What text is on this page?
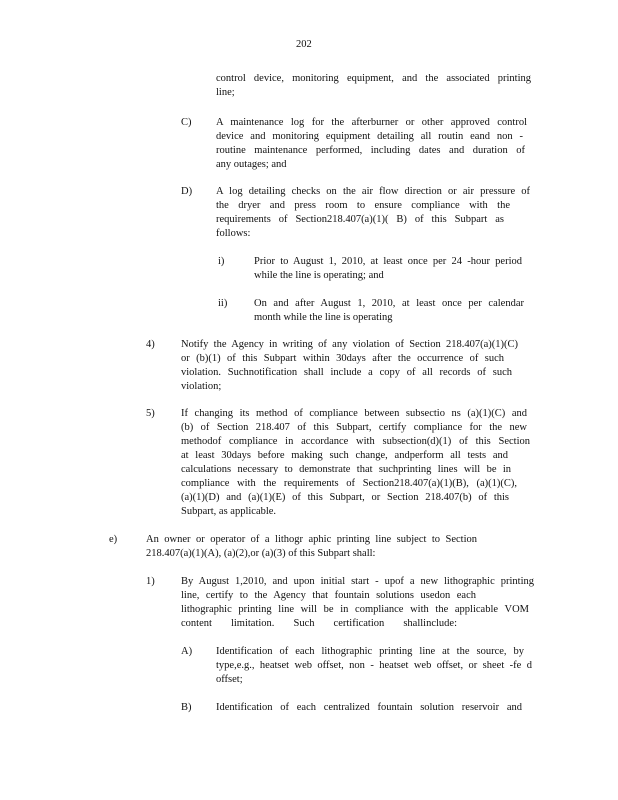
202
control device, monitoring equipment, and the associated printing
line;
C) A maintenance log for the afterburner or other approved control
device and monitoring equipment detailing all routin eand non -
routine maintenance performed, including dates and duration of
any outages; and
D) A log detailing checks on the air flow direction or air pressure of
the dryer and press room to ensure compliance with the
requirements of Section218.407(a)(1)( B) of this Subpart as
follows:
i)	Prior to August 1, 2010, at least once per 24 -hour period
while the line is operating; and
ii)	On and after August 1, 2010, at least once per calendar
month while the line is operating
4)	Notify the Agency in writing of any violation of Section 218.407(a)(1)(C)
or (b)(1) of this Subpart within 30days after the occurrence of such
violation. Suchnotification shall include a copy of all records of such
violation;
5)	If changing its method of compliance between subsectio ns (a)(1)(C) and
(b) of Section 218.407 of this Subpart, certify compliance for the new
methodof compliance in accordance with subsection(d)(1) of this Section
at least 30days before making such change, andperform all tests and
calculations necessary to demonstrate that suchprinting lines will be in
compliance with the requirements of Section218.407(a)(1)(B), (a)(1)(C),
(a)(1)(D) and (a)(1)(E) of this Subpart, or Section 218.407(b) of this
Subpart, as applicable.
e)	An owner or operator of a lithogr aphic printing line subject to Section
218.407(a)(1)(A), (a)(2),or (a)(3) of this Subpart shall:
1)	By August 1,2010, and upon initial start - upof a new lithographic printing
line, certify to the Agency that fountain solutions usedon each
lithographic printing line will be in compliance with the applicable VOM
content limitation. Such certification shallinclude:
A) Identification of each lithographic printing line at the source, by
type,e.g., heatset web offset, non - heatset web offset, or sheet -fe d
offset;
B) Identification of each centralized fountain solution reservoir and
